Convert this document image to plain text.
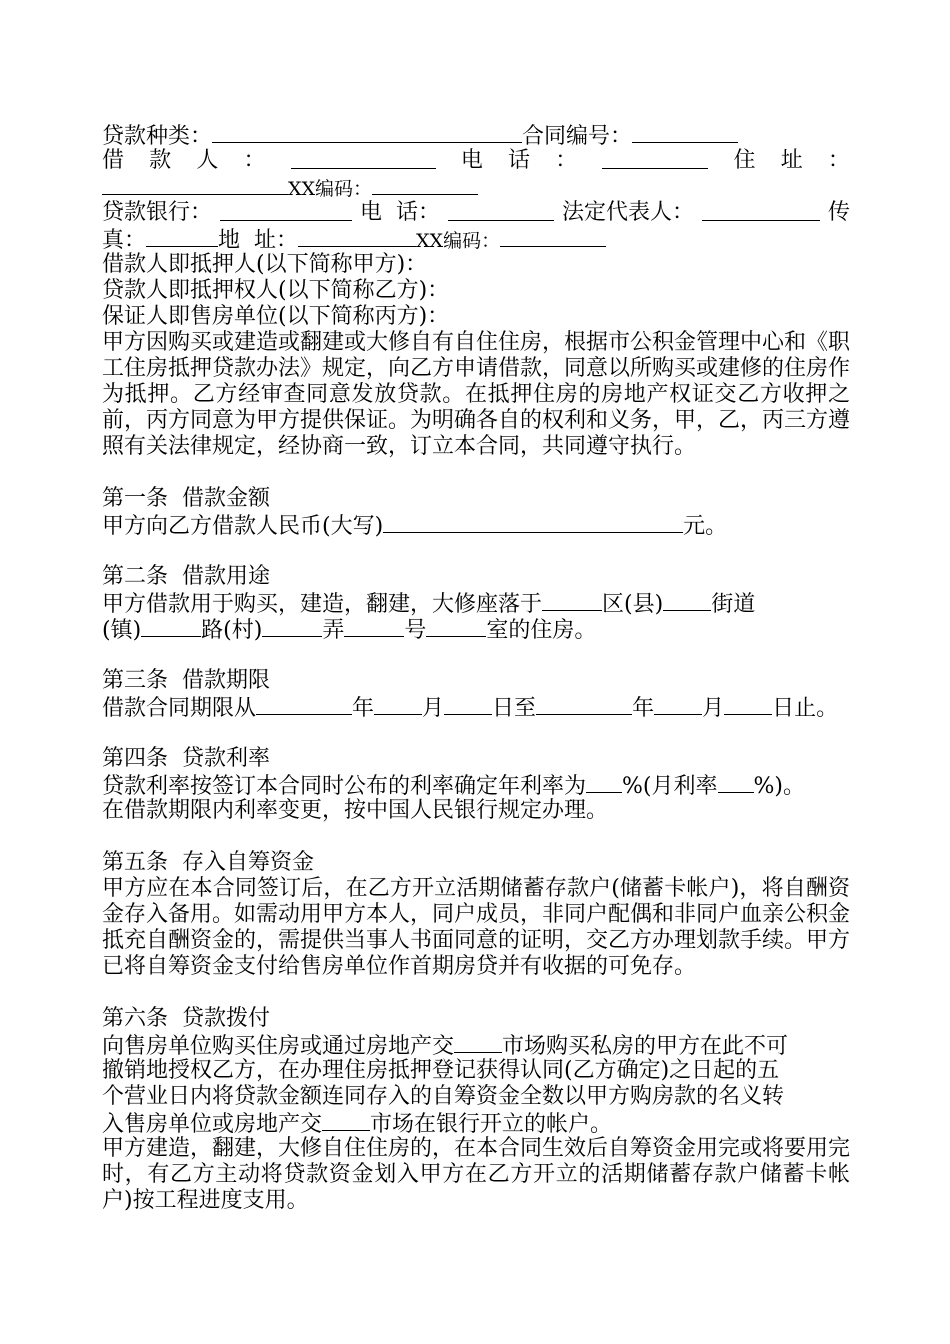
贷款种类：	合同编号：
借 款 人 ：	电 话 ：	住 址 ：
XX编码：
贷款银行：	电  话：	法定代表人：	传
真：	地  址：	XX编码：
借款人即抵押人(以下简称甲方)：
贷款人即抵押权人(以下简称乙方)：
保证人即售房单位(以下简称丙方)：
甲方因购买或建造或翻建或大修自有自住住房，根据市公积金管理中心和《职工住房抵押贷款办法》规定，向乙方申请借款，同意以所购买或建修的住房作为抵押。乙方经审查同意发放贷款。在抵押住房的房地产权证交乙方收押之前，丙方同意为甲方提供保证。为明确各自的权利和义务，甲，乙，丙三方遵照有关法律规定，经协商一致，订立本合同，共同遵守执行。
第一条  借款金额
甲方向乙方借款人民币(大写)	元。
第二条  借款用途
甲方借款用于购买，建造，翻建，大修座落于	区(县) 街道
(镇)	路(村)	弄	号	室的住房。
第三条  借款期限
借款合同期限从	年 月 日至	年 月 日止。
第四条  贷款利率
贷款利率按签订本合同时公布的利率确定年利率为 %(月利率 %)。
在借款期限内利率变更，按中国人民银行规定办理。
第五条  存入自筹资金
甲方应在本合同签订后，在乙方开立活期储蓄存款户(储蓄卡帐户)，将自酬资金存入备用。如需动用甲方本人，同户成员，非同户配偶和非同户血亲公积金抵充自酬资金的，需提供当事人书面同意的证明，交乙方办理划款手续。甲方已将自筹资金支付给售房单位作首期房贷并有收据的可免存。
第六条  贷款拨付
向售房单位购买住房或通过房地产交 市场购买私房的甲方在此不可
撤销地授权乙方，在办理住房抵押登记获得认同(乙方确定)之日起的五
个营业日内将贷款金额连同存入的自筹资金全数以甲方购房款的名义转
入售房单位或房地产交 市场在银行开立的帐户。
甲方建造，翻建，大修自住住房的，在本合同生效后自筹资金用完或将要用完时，有乙方主动将贷款资金划入甲方在乙方开立的活期储蓄存款户储蓄卡帐户)按工程进度支用。
